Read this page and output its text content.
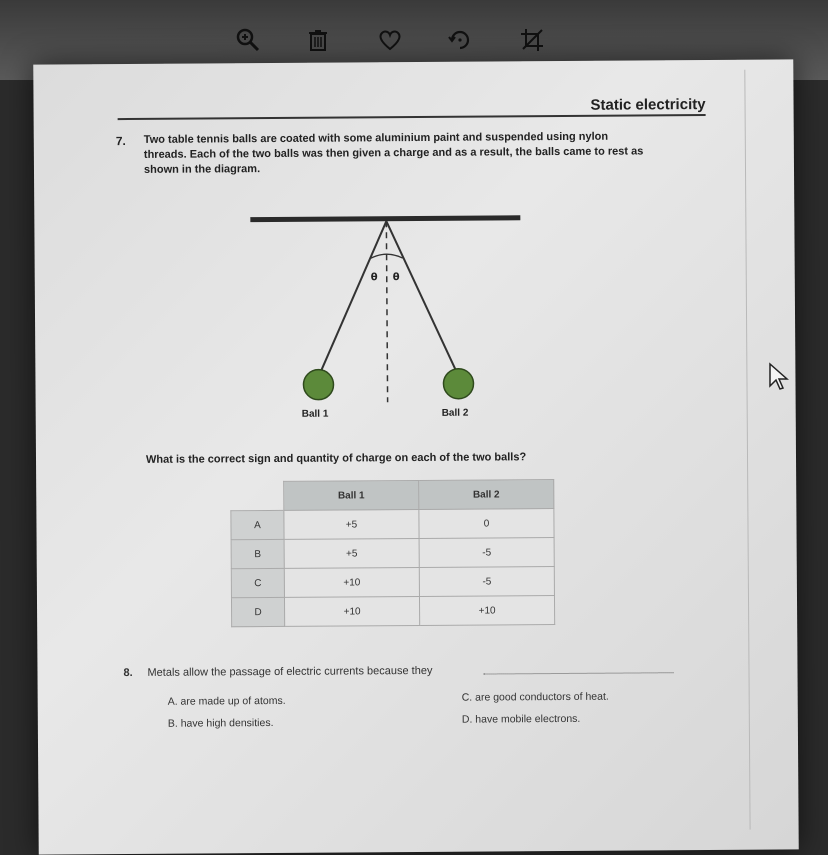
Static electricity
7. Two table tennis balls are coated with some aluminium paint and suspended using nylon threads. Each of the two balls was then given a charge and as a result, the balls came to rest as shown in the diagram.
θ θ
Ball 1	Ball 2
What is the correct sign and quantity of charge on each of the two balls?
	Ball 1	Ball 2
A	+5	0
B	+5	-5
C	+10	-5
D	+10	+10
8. Metals allow the passage of electric currents because they
A. are made up of atoms.
B. have high densities.
C. are good conductors of heat.
D. have mobile electrons.
